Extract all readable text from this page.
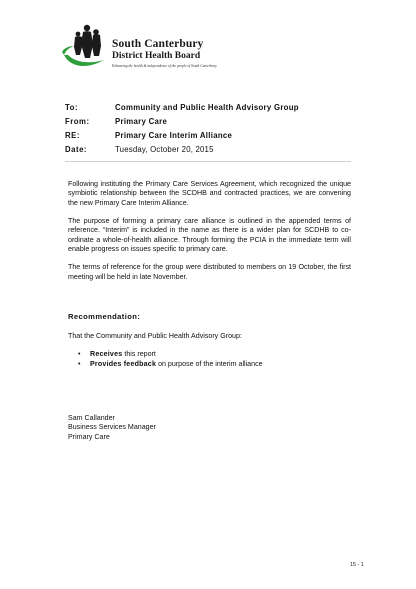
South Canterbury
District Health Board
Enhancing the health & independence of the people of South Canterbury
To:	Community and Public Health Advisory Group
From:	Primary Care
RE:	Primary Care Interim Alliance
Date:	Tuesday, October 20, 2015

Following instituting the Primary Care Services Agreement, which recognized the unique symbiotic relationship between the SCDHB and contracted practices, we are convening the new Primary Care Interim Alliance.

The purpose of forming a primary care alliance is outlined in the appended terms of reference. “Interim” is included in the name as there is a wider plan for SCDHB to co-ordinate a whole-of-health alliance. Through forming the PCIA in the immediate term will enable progress on issues specific to primary care.

The terms of reference for the group were distributed to members on 19 October, the first meeting will be held in late November.

Recommendation:
That the Community and Public Health Advisory Group:
• Receives this report
• Provides feedback on purpose of the interim alliance
Sam Callander
Business Services Manager
Primary Care
15 - 1
